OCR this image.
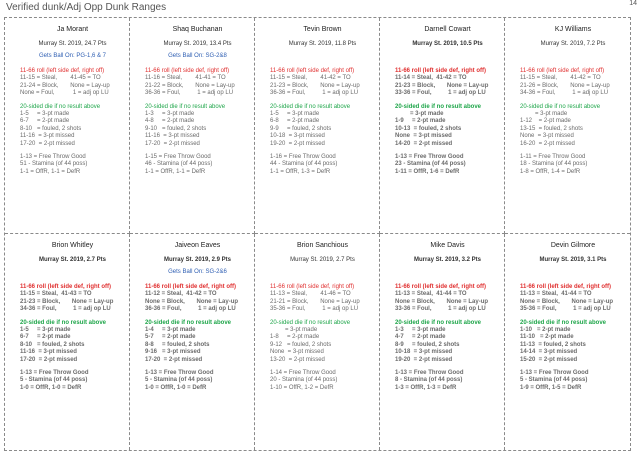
Verified dunk/Adj Opp Dunk Ranges	14
Ja Morant
Murray St. 2019, 24.7 Pts
Gets Ball On: PG-1,6 & 7
11-66 roll (left side def, right off)
11-15 = Steal,        41-45 = TO
21-24 = Block,       None = Lay-up
None = Foul,           1 = adj op LU
20-sided die if no result above
1-5     = 3-pt made
6-7     = 2-pt made
8-10   = fouled, 2 shots
11-16  = 3-pt missed
17-20  = 2-pt missed
1-13 = Free Throw Good
51 - Stamina (of 44 poss)
1-1 = OffR, 1-1 = DefR
Shaq Buchanan
Murray St. 2019, 13.4 Pts
Gets Ball On: SG-2&8
11-66 roll (left side def, right off)
11-16 = Steal,        41-41 = TO
21-22 = Block,       None = Lay-up
36-36 = Foul,          1 = adj op LU
20-sided die if no result above
1-3     = 3-pt made
4-8     = 2-pt made
9-10   = fouled, 2 shots
11-16  = 3-pt missed
17-20  = 2-pt missed
1-15 = Free Throw Good
46 - Stamina (of 44 poss)
1-1 = OffR, 1-1 = DefR
Tevin Brown
Murray St. 2019, 11.8 Pts
11-66 roll (left side def, right off)
11-15 = Steal,        41-42 = TO
21-23 = Block,       None = Lay-up
36-36 = Foul,          1 = adj op LU
20-sided die if no result above
1-5     = 3-pt made
6-8     = 2-pt made
9-9     = fouled, 2 shots
10-18  = 3-pt missed
19-20  = 2-pt missed
1-16 = Free Throw Good
44 - Stamina (of 44 poss)
1-1 = OffR, 1-3 = DefR
Darnell Cowart
Murray St. 2019, 10.5 Pts
11-66 roll (left side def, right off)
11-14 = Steal,  41-42 = TO
21-23 = Block,       None = Lay-up
33-36 = Foul,          1 = adj op LU
20-sided die if no result above
= 3-pt made
1-9     = 2-pt made
10-13  = fouled, 2 shots
None  = 3-pt missed
14-20  = 2-pt missed
1-13 = Free Throw Good
23 - Stamina (of 44 poss)
1-11 = OffR, 1-6 = DefR
KJ Williams
Murray St. 2019, 7.2 Pts
11-66 roll (left side def, right off)
11-15 = Steal,        41-42 = TO
21-26 = Block,       None = Lay-up
34-36 = Foul,          1 = adj op LU
20-sided die if no result above
= 3-pt made
1-12    = 2-pt made
13-15  = fouled, 2 shots
None  = 3-pt missed
16-20  = 2-pt missed
1-11 = Free Throw Good
18 - Stamina (of 44 poss)
1-8 = OffR, 1-4 = DefR
Brion Whitley
Murray St. 2019, 2.7 Pts
11-66 roll (left side def, right off)
11-15 = Steal,  41-43 = TO
21-23 = Block,       None = Lay-up
34-36 = Foul,          1 = adj op LU
20-sided die if no result above
1-5     = 3-pt made
6-7     = 2-pt made
8-10   = fouled, 2 shots
11-16  = 3-pt missed
17-20  = 2-pt missed
1-13 = Free Throw Good
5 - Stamina (of 44 poss)
1-0 = OffR, 1-0 = DefR
Jaiveon Eaves
Murray St. 2019, 2.9 Pts
Gets Ball On: SG-2&6
11-66 roll (left side def, right off)
11-12 = Steal,  41-42 = TO
None = Block,       None = Lay-up
36-36 = Foul,          1 = adj op LU
20-sided die if no result above
1-4     = 3-pt made
5-7     = 2-pt made
8-8     = fouled, 2 shots
9-16   = 3-pt missed
17-20  = 2-pt missed
1-13 = Free Throw Good
5 - Stamina (of 44 poss)
1-0 = OffR, 1-0 = DefR
Brion Sanchious
Murray St. 2019, 2.7 Pts
11-66 roll (left side def, right off)
11-13 = Steal,        41-46 = TO
21-21 = Block,       None = Lay-up
35-36 = Foul,          1 = adj op LU
20-sided die if no result above
= 3-pt made
1-8     = 2-pt made
9-12   = fouled, 2 shots
None  = 3-pt missed
13-20  = 2-pt missed
1-14 = Free Throw Good
20 - Stamina (of 44 poss)
1-10 = OffR, 1-2 = DefR
Mike Davis
Murray St. 2019, 3.2 Pts
11-66 roll (left side def, right off)
11-13 = Steal,  41-44 = TO
None = Block,       None = Lay-up
33-36 = Foul,          1 = adj op LU
20-sided die if no result above
1-3     = 3-pt made
4-7     = 2-pt made
8-9     = fouled, 2 shots
10-18  = 3-pt missed
19-20  = 2-pt missed
1-13 = Free Throw Good
8 - Stamina (of 44 poss)
1-3 = OffR, 1-3 = DefR
Devin Gilmore
Murray St. 2019, 3.1 Pts
11-66 roll (left side def, right off)
11-13 = Steal,  41-44 = TO
None = Block,       None = Lay-up
35-36 = Foul,          1 = adj op LU
20-sided die if no result above
1-10   = 2-pt made
11-10   = 2-pt made
11-13  = fouled, 2 shots
14-14  = 3-pt missed
15-20  = 2-pt missed
1-13 = Free Throw Good
5 - Stamina (of 44 poss)
1-9 = OffR, 1-5 = DefR
